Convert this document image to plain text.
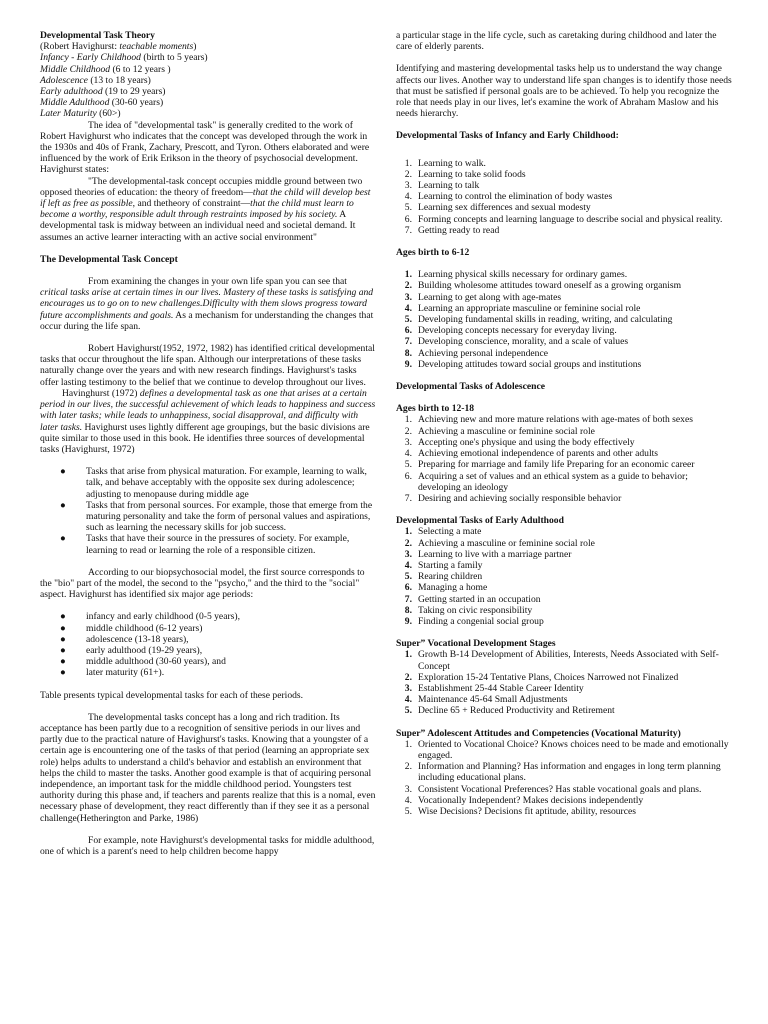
Developmental Task Theory

(Robert Havighurst: teachable moments)

Infancy - Early Childhood (birth to 5 years)

Middle Childhood (6 to 12 years )

Adolescence (13 to 18 years)

Early adulthood (19 to 29 years)

Middle Adulthood (30-60 years)

Later Maturity (60>)

The idea of "developmental task" is generally credited to the work of Robert Havighurst who indicates that the concept was developed through the work in the 1930s and 40s of Frank, Zachary, Prescott, and Tyron. Others elaborated and were influenced by the work of Erik Erikson in the theory of psychosocial development. Havighurst states:

"The developmental-task concept occupies middle ground between two opposed theories of education: the theory of freedom—that the child will develop best if left as free as possible, and thetheory of constraint—that the child must learn to become a worthy, responsible adult through restraints imposed by his society. A developmental task is midway between an individual need and societal demand. It assumes an active learner interacting with an active social environment"

The Developmental Task Concept

From examining the changes in your own life span you can see that critical tasks arise at certain times in our lives. Mastery of these tasks is satisfying and encourages us to go on to new challenges.Difficulty with them slows progress toward future accomplishments and goals. As a mechanism for understanding the changes that occur during the life span.

Robert Havighurst(1952, 1972, 1982) has identified critical developmental tasks that occur throughout the life span. Although our interpretations of these tasks naturally change over the years and with new research findings. Havighurst's tasks offer lasting testimony to the belief that we continue to develop throughout our lives.

Havinghurst (1972) defines a developmental task as one that arises at a certain period in our lives, the successful achievement of which leads to happiness and success with later tasks; while leads to unhappiness, social disapproval, and difficulty with later tasks. Havighurst uses lightly different age groupings, but the basic divisions are quite similar to those used in this book. He identifies three sources of developmental tasks (Havighurst, 1972)

● Tasks that arise from physical maturation. For example, learning to walk, talk, and behave acceptably with the opposite sex during adolescence; adjusting to menopause during middle age
● Tasks that from personal sources. For example, those that emerge from the maturing personality and take the form of personal values and aspirations, such as learning the necessary skills for job success.
● Tasks that have their source in the pressures of society. For example, learning to read or learning the role of a responsible citizen.

According to our biopsychosocial model, the first source corresponds to the "bio" part of the model, the second to the "psycho," and the third to the "social" aspect. Havighurst has identified six major age periods:

● infancy and early childhood (0-5 years),
● middle childhood (6-12 years)
● adolescence (13-18 years),
● early adulthood (19-29 years),
● middle adulthood (30-60 years), and
● later maturity (61+).

Table presents typical developmental tasks for each of these periods.

The developmental tasks concept has a long and rich tradition. Its acceptance has been partly due to a recognition of sensitive periods in our lives and partly due to the practical nature of Havighurst's tasks. Knowing that a youngster of a certain age is encountering one of the tasks of that period (learning an appropriate sex role) helps adults to understand a child's behavior and establish an environment that helps the child to master the tasks. Another good example is that of acquiring personal independence, an important task for the middle childhood period. Youngsters test authority during this phase and, if teachers and parents realize that this is a nomal, even necessary phase of development, they react differently than if they see it as a personal challenge(Hetherington and Parke, 1986)

For example, note Havighurst's developmental tasks for middle adulthood, one of which is a parent's need to help children become happy

a particular stage in the life cycle, such as caretaking during childhood and later the care of elderly parents.

Identifying and mastering developmental tasks help us to understand the way change affects our lives. Another way to understand life span changes is to identify those needs that must be satisfied if personal goals are to be achieved. To help you recognize the role that needs play in our lives, let's examine the work of Abraham Maslow and his needs hierarchy.

Developmental Tasks of Infancy and Early Childhood:

1. Learning to walk.
2. Learning to take solid foods
3. Learning to talk
4. Learning to control the elimination of body wastes
5. Learning sex differences and sexual modesty
6. Forming concepts and learning language to describe social and physical reality.
7. Getting ready to read

Ages birth to 6-12

1. Learning physical skills necessary for ordinary games.
2. Building wholesome attitudes toward oneself as a growing organism
3. Learning to get along with age-mates
4. Learning an appropriate masculine or feminine social role
5. Developing fundamental skills in reading, writing, and calculating
6. Developing concepts necessary for everyday living.
7. Developing conscience, morality, and a scale of values
8. Achieving personal independence
9. Developing attitudes toward social groups and institutions

Developmental Tasks of Adolescence

Ages birth to 12-18

1. Achieving new and more mature relations with age-mates of both sexes
2. Achieving a masculine or feminine social role
3. Accepting one's physique and using the body effectively
4. Achieving emotional independence of parents and other adults
5. Preparing for marriage and family life Preparing for an economic career
6. Acquiring a set of values and an ethical system as a guide to behavior; developing an ideology
7. Desiring and achieving socially responsible behavior

Developmental Tasks of Early Adulthood

1. Selecting a mate
2. Achieving a masculine or feminine social role
3. Learning to live with a marriage partner
4. Starting a family
5. Rearing children
6. Managing a home
7. Getting started in an occupation
8. Taking on civic responsibility
9. Finding a congenial social group

Super” Vocational Development Stages

1. Growth B-14 Development of Abilities, Interests, Needs Associated with Self-Concept
2. Exploration 15-24 Tentative Plans, Choices Narrowed not Finalized
3. Establishment 25-44 Stable Career Identity
4. Maintenance 45-64 Small Adjustments
5. Decline 65 + Reduced Productivity and Retirement

Super” Adolescent Attitudes and Competencies (Vocational Maturity)

1. Oriented to Vocational Choice? Knows choices need to be made and emotionally engaged.
2. Information and Planning? Has information and engages in long term planning including educational plans.
3. Consistent Vocational Preferences? Has stable vocational goals and plans.
4. Vocationally Independent? Makes decisions independently
5. Wise Decisions? Decisions fit aptitude, ability, resources
